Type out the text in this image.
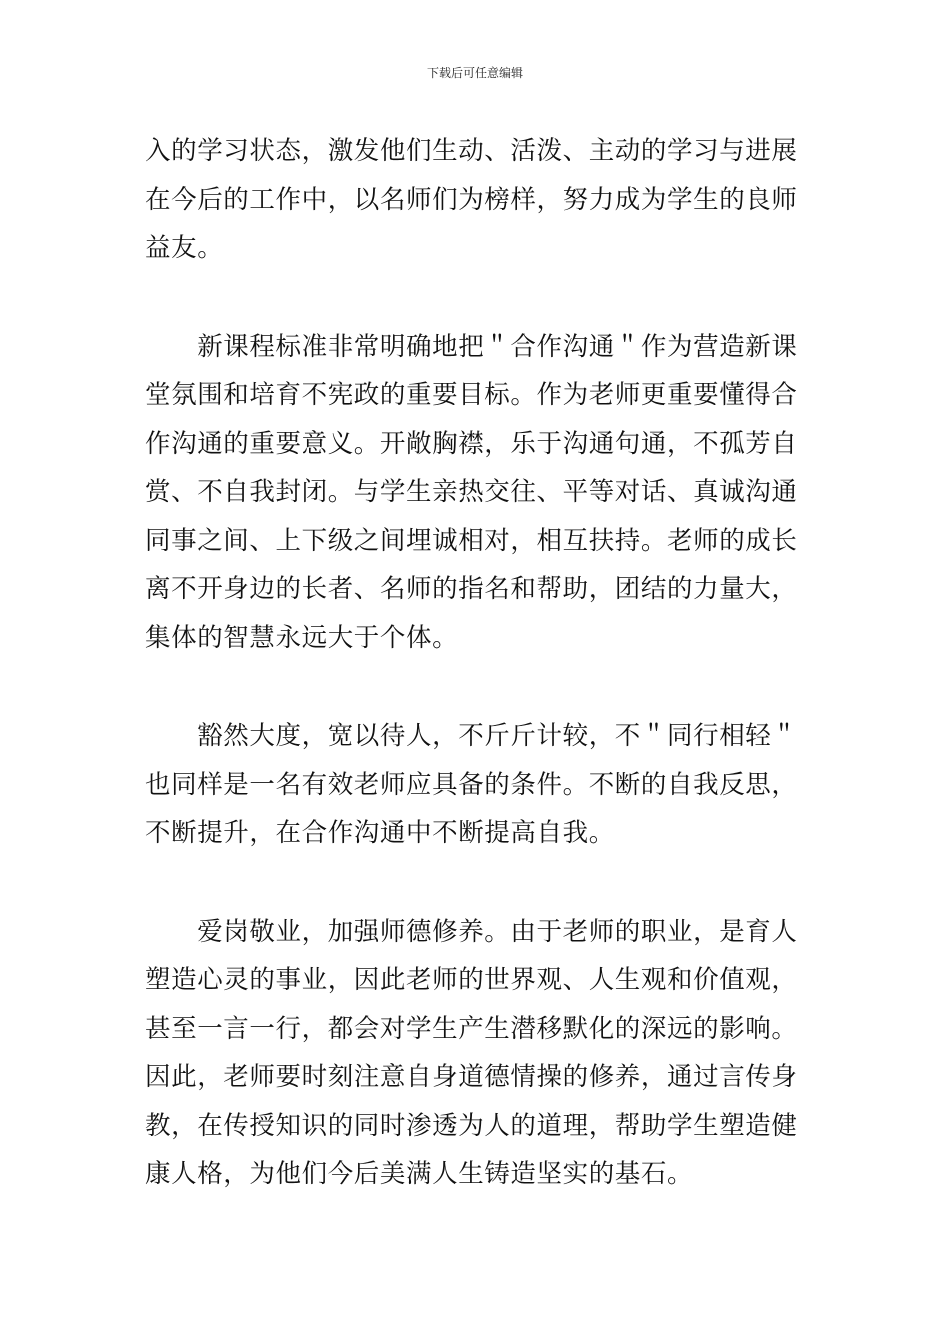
下载后可任意编辑

入的学习状态，激发他们生动、活泼、主动的学习与进展
在今后的工作中，以名师们为榜样，努力成为学生的良师
益友。

　　新课程标准非常明确地把＂合作沟通＂作为营造新课
堂氛围和培育不宪政的重要目标。作为老师更重要懂得合
作沟通的重要意义。开敞胸襟，乐于沟通句通，不孤芳自
赏、不自我封闭。与学生亲热交往、平等对话、真诚沟通
同事之间、上下级之间埋诚相对，相互扶持。老师的成长
离不开身边的长者、名师的指名和帮助，团结的力量大，
集体的智慧永远大于个体。

　　豁然大度，宽以待人，不斤斤计较，不＂同行相轻＂
也同样是一名有效老师应具备的条件。不断的自我反思，
不断提升，在合作沟通中不断提高自我。

　　爱岗敬业，加强师德修养。由于老师的职业，是育人
塑造心灵的事业，因此老师的世界观、人生观和价值观，
甚至一言一行，都会对学生产生潜移默化的深远的影响。
因此，老师要时刻注意自身道德情操的修养，通过言传身
教，在传授知识的同时渗透为人的道理，帮助学生塑造健
康人格，为他们今后美满人生铸造坚实的基石。
